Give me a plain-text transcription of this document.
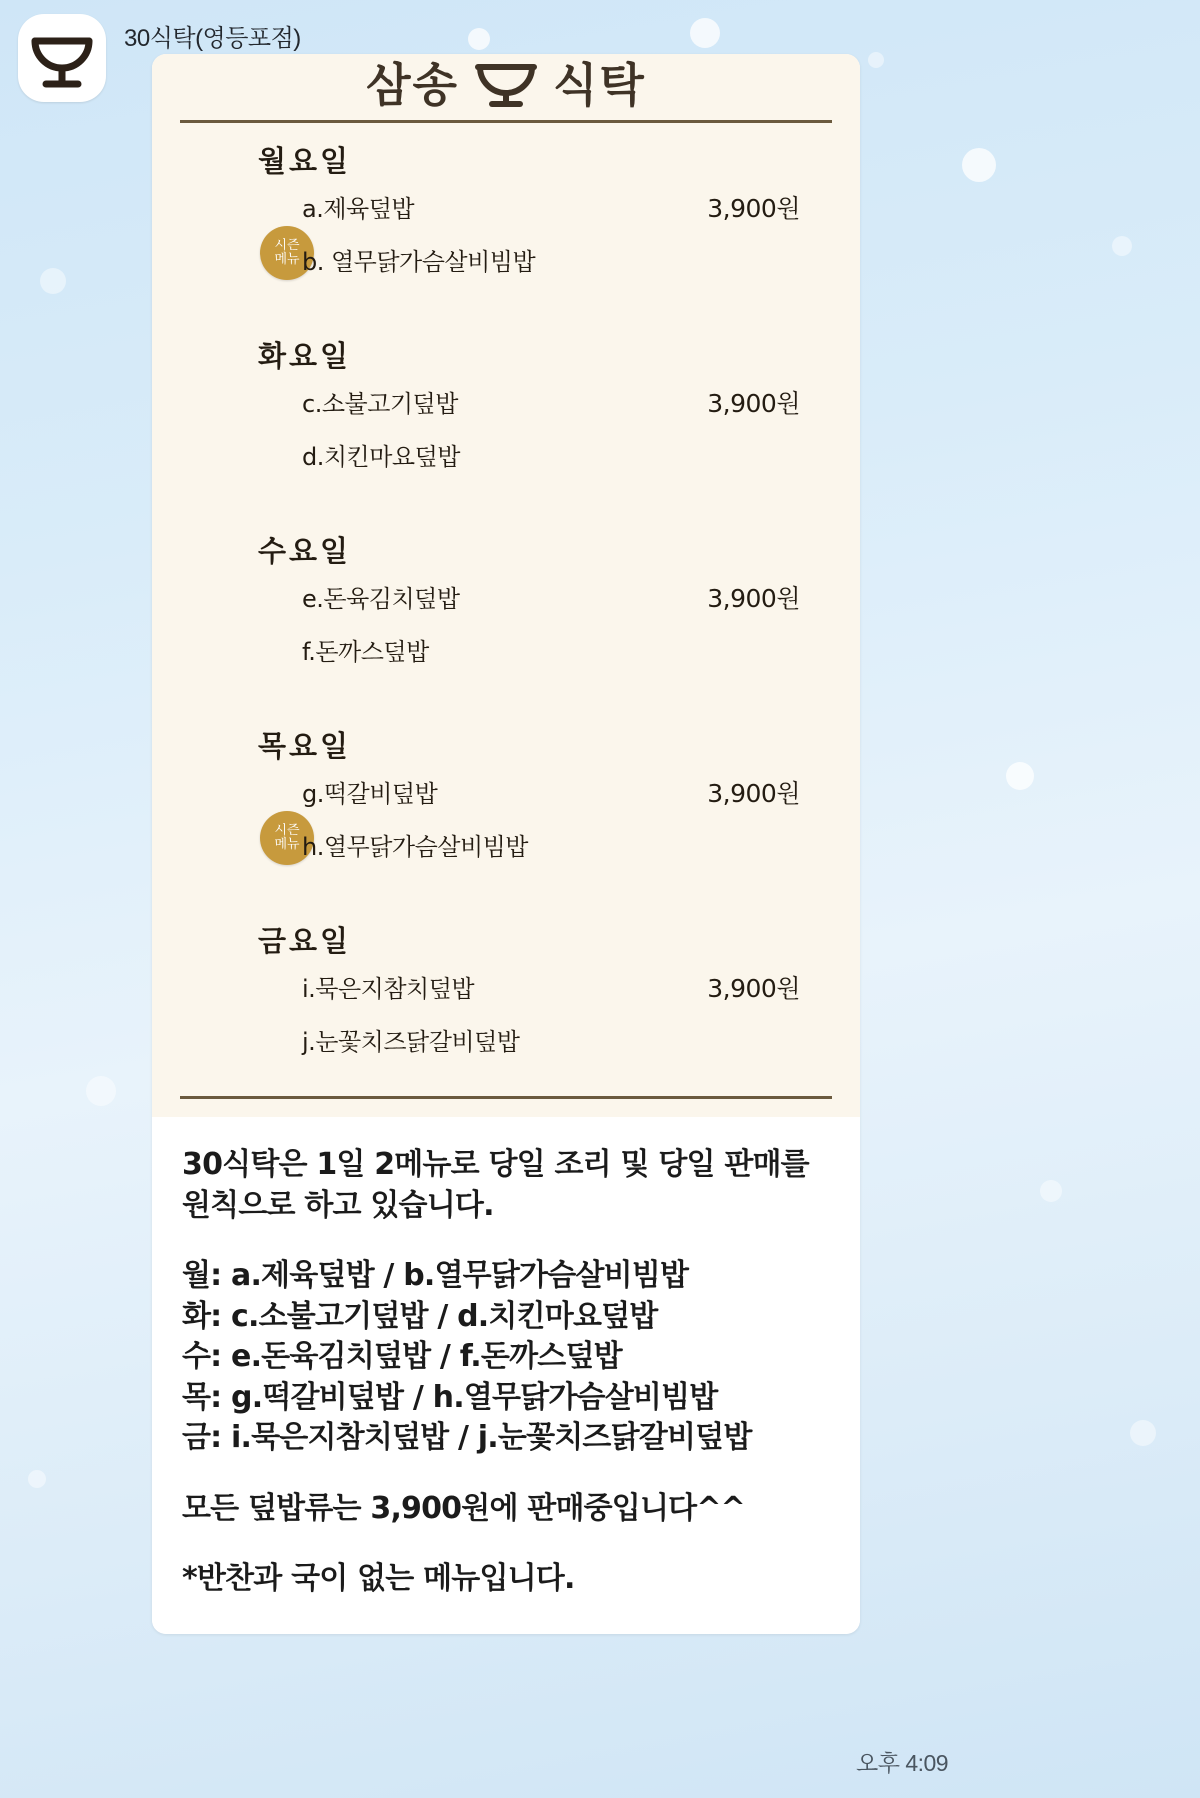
30식탁(영등포점)
삼송 식탁
월요일
a.제육덮밥	3,900원
시즌
메뉴 b. 열무닭가슴살비빔밥
화요일
c.소불고기덮밥	3,900원
d.치킨마요덮밥
수요일
e.돈육김치덮밥	3,900원
f.돈까스덮밥
목요일
g.떡갈비덮밥	3,900원
시즌
메뉴 h.열무닭가슴살비빔밥
금요일
i.묵은지참치덮밥	3,900원
j.눈꽃치즈닭갈비덮밥

30식탁은 1일 2메뉴로 당일 조리 및 당일 판매를

원칙으로 하고 있습니다.

월: a.제육덮밥 / b.열무닭가슴살비빔밥

화: c.소불고기덮밥 / d.치킨마요덮밥

수: e.돈육김치덮밥 / f.돈까스덮밥

목: g.떡갈비덮밥 / h.열무닭가슴살비빔밥

금: i.묵은지참치덮밥 / j.눈꽃치즈닭갈비덮밥

모든 덮밥류는 3,900원에 판매중입니다^^

*반찬과 국이 없는 메뉴입니다.

오후 4:09
